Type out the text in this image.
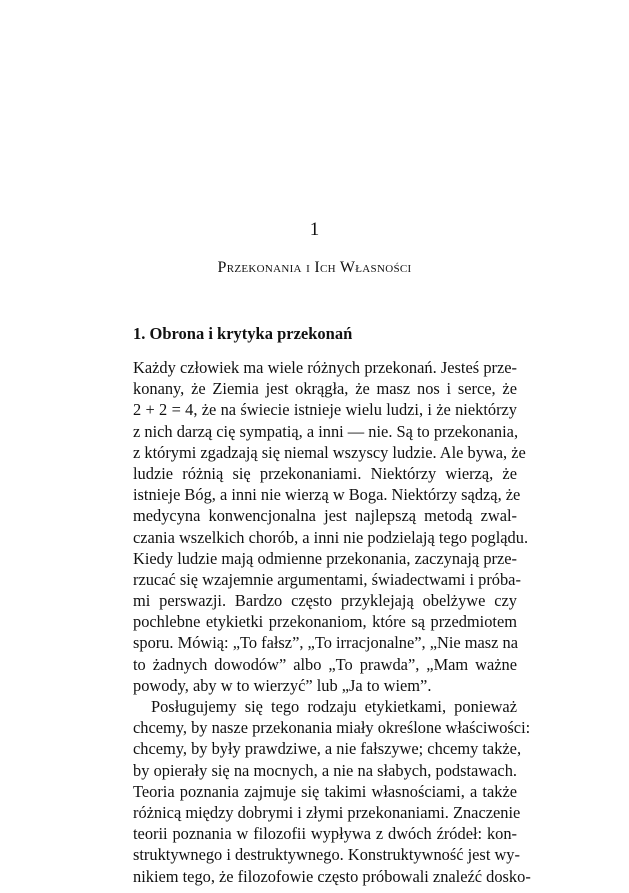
1
Przekonania i Ich Własności
1. Obrona i krytyka przekonań
Każdy człowiek ma wiele różnych przekonań. Jesteś prze-
konany, że Ziemia jest okrągła, że masz nos i serce, że
2 + 2 = 4, że na świecie istnieje wielu ludzi, i że niektórzy
z nich darzą cię sympatią, a inni — nie. Są to przekonania,
z którymi zgadzają się niemal wszyscy ludzie. Ale bywa, że
ludzie różnią się przekonaniami. Niektórzy wierzą, że
istnieje Bóg, a inni nie wierzą w Boga. Niektórzy sądzą, że
medycyna konwencjonalna jest najlepszą metodą zwal-
czania wszelkich chorób, a inni nie podzielają tego poglądu.
Kiedy ludzie mają odmienne przekonania, zaczynają prze-
rzucać się wzajemnie argumentami, świadectwami i próba-
mi perswazji. Bardzo często przyklejają obelżywe czy
pochlebne etykietki przekonaniom, które są przedmiotem
sporu. Mówią: „To fałsz”, „To irracjonalne”, „Nie masz na
to żadnych dowodów” albo „To prawda”, „Mam ważne
powody, aby w to wierzyć” lub „Ja to wiem”.
Posługujemy się tego rodzaju etykietkami, ponieważ
chcemy, by nasze przekonania miały określone właściwości:
chcemy, by były prawdziwe, a nie fałszywe; chcemy także,
by opierały się na mocnych, a nie na słabych, podstawach.
Teoria poznania zajmuje się takimi własnościami, a także
różnicą między dobrymi i złymi przekonaniami. Znaczenie
teorii poznania w filozofii wypływa z dwóch źródeł: kon-
struktywnego i destruktywnego. Konstruktywność jest wy-
nikiem tego, że filozofowie często próbowali znaleźć dosko-
